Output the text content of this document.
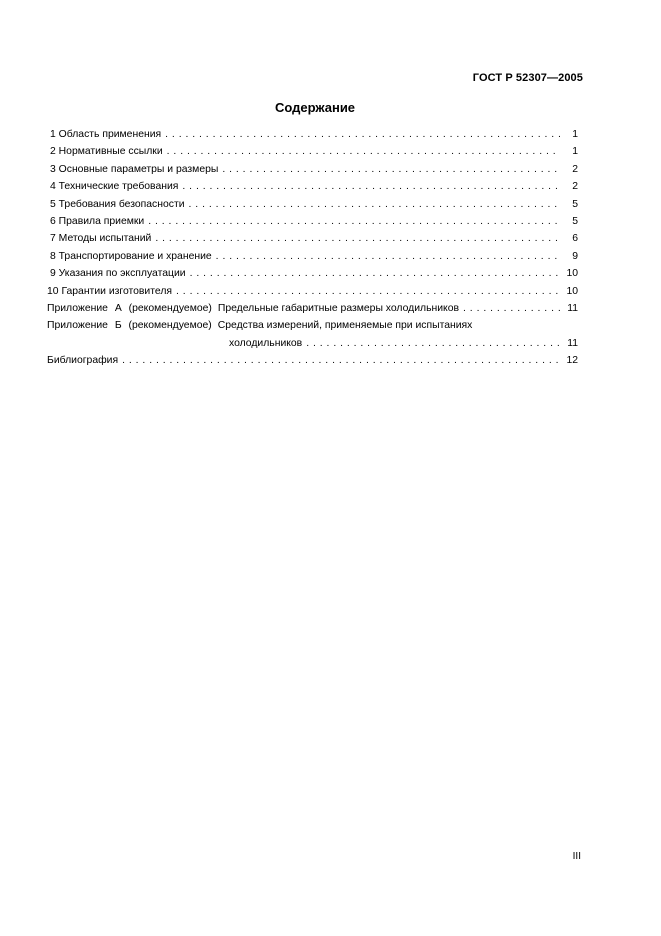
ГОСТ Р 52307—2005
Содержание
1 Область применения . . .	1
2 Нормативные ссылки . . .	1
3 Основные параметры и размеры . . .	2
4 Технические требования . . .	2
5 Требования безопасности . . .	5
6 Правила приемки . . .	5
7 Методы испытаний . . .	6
8 Транспортирование и хранение . . .	9
9 Указания по эксплуатации . . .	10
10 Гарантии изготовителя . . .	10
Приложение А (рекомендуемое) Предельные габаритные размеры холодильников . . .	11
Приложение Б (рекомендуемое) Средства измерений, применяемые при испытаниях
холодильников . . .	11
Библиография . . .	12
III
